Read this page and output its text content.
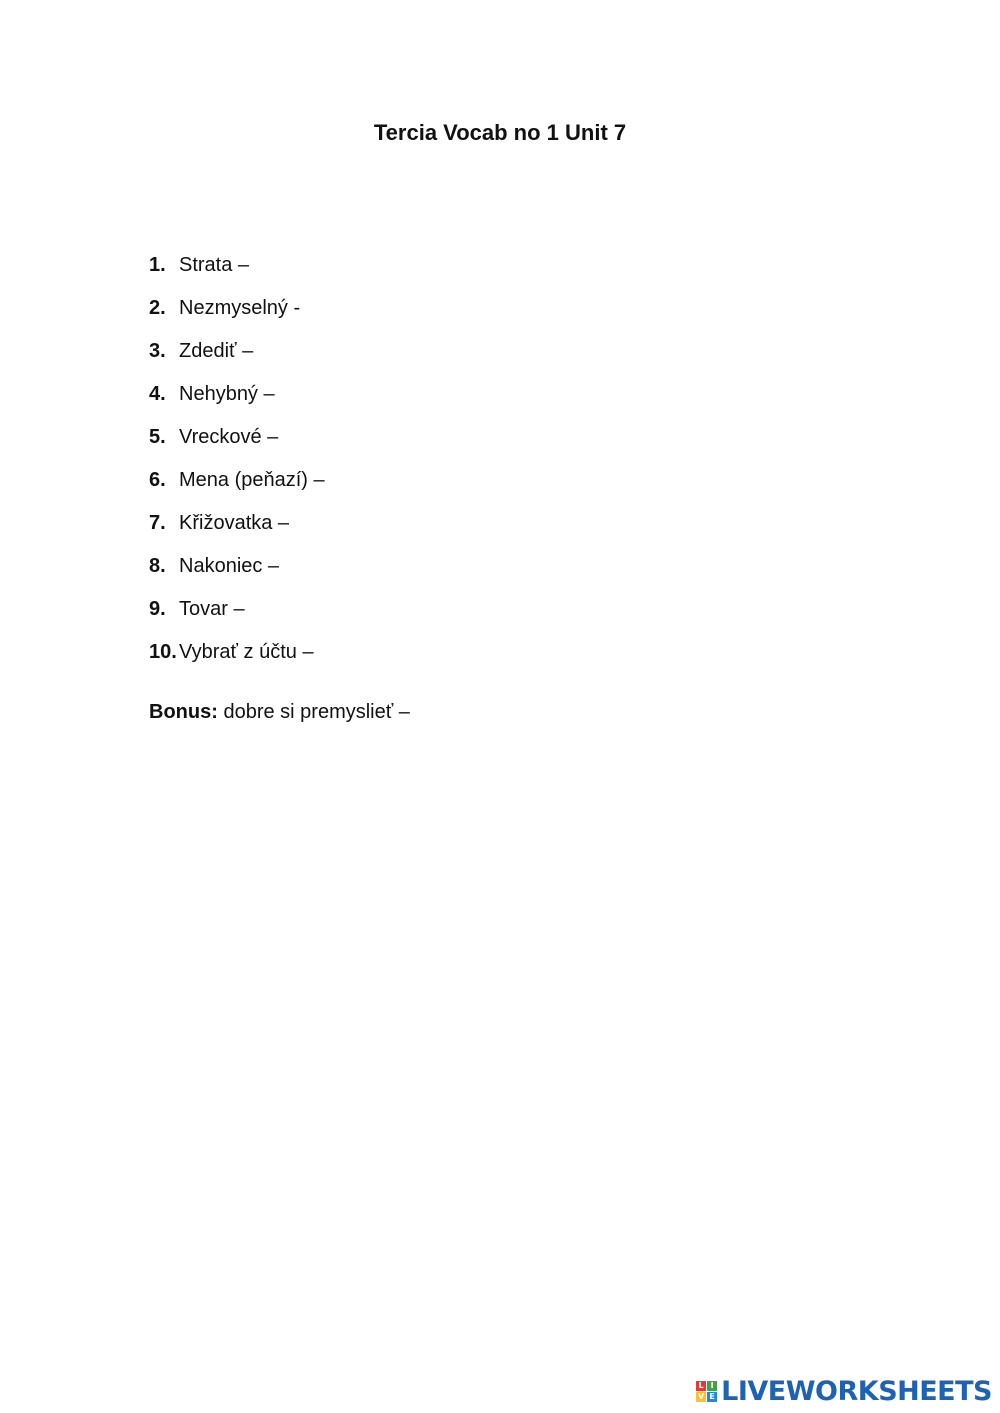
Tercia Vocab no 1 Unit 7
1. Strata –
2. Nezmyselný -
3. Zdediť –
4. Nehybný –
5. Vreckové –
6. Mena (peňazí) –
7. Křižovatka –
8. Nakoniec –
9. Tovar –
10. Vybrať z účtu –

Bonus: dobre si premyslieť –

L I
V E LIVEWORKSHEETS
